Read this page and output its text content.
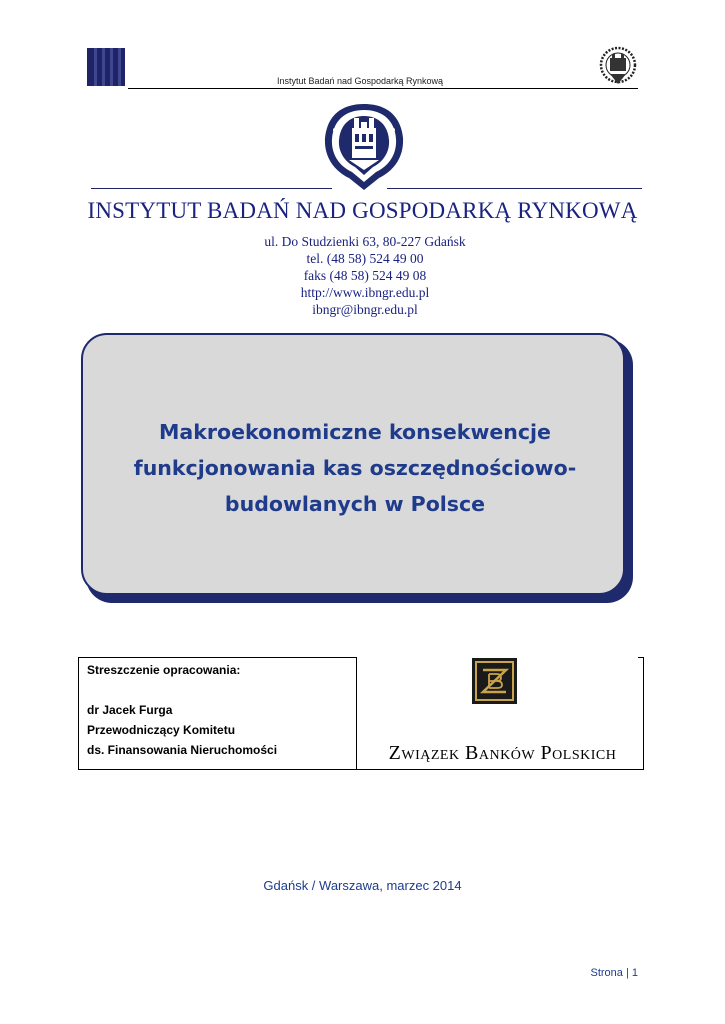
Instytut Badań nad Gospodarką Rynkową
INSTYTUT BADAŃ NAD GOSPODARKĄ RYNKOWĄ
ul. Do Studzienki 63, 80-227 Gdańsk
tel. (48 58) 524 49 00
faks (48 58) 524 49 08
http://www.ibngr.edu.pl
ibngr@ibngr.edu.pl
Makroekonomiczne konsekwencje
funkcjonowania kas oszczędnościowo-
budowlanych w Polsce
Streszczenie opracowania:
dr Jacek Furga
Przewodniczący Komitetu
ds. Finansowania Nieruchomości	Związek Banków Polskich
Gdańsk / Warszawa, marzec 2014
Strona | 1
